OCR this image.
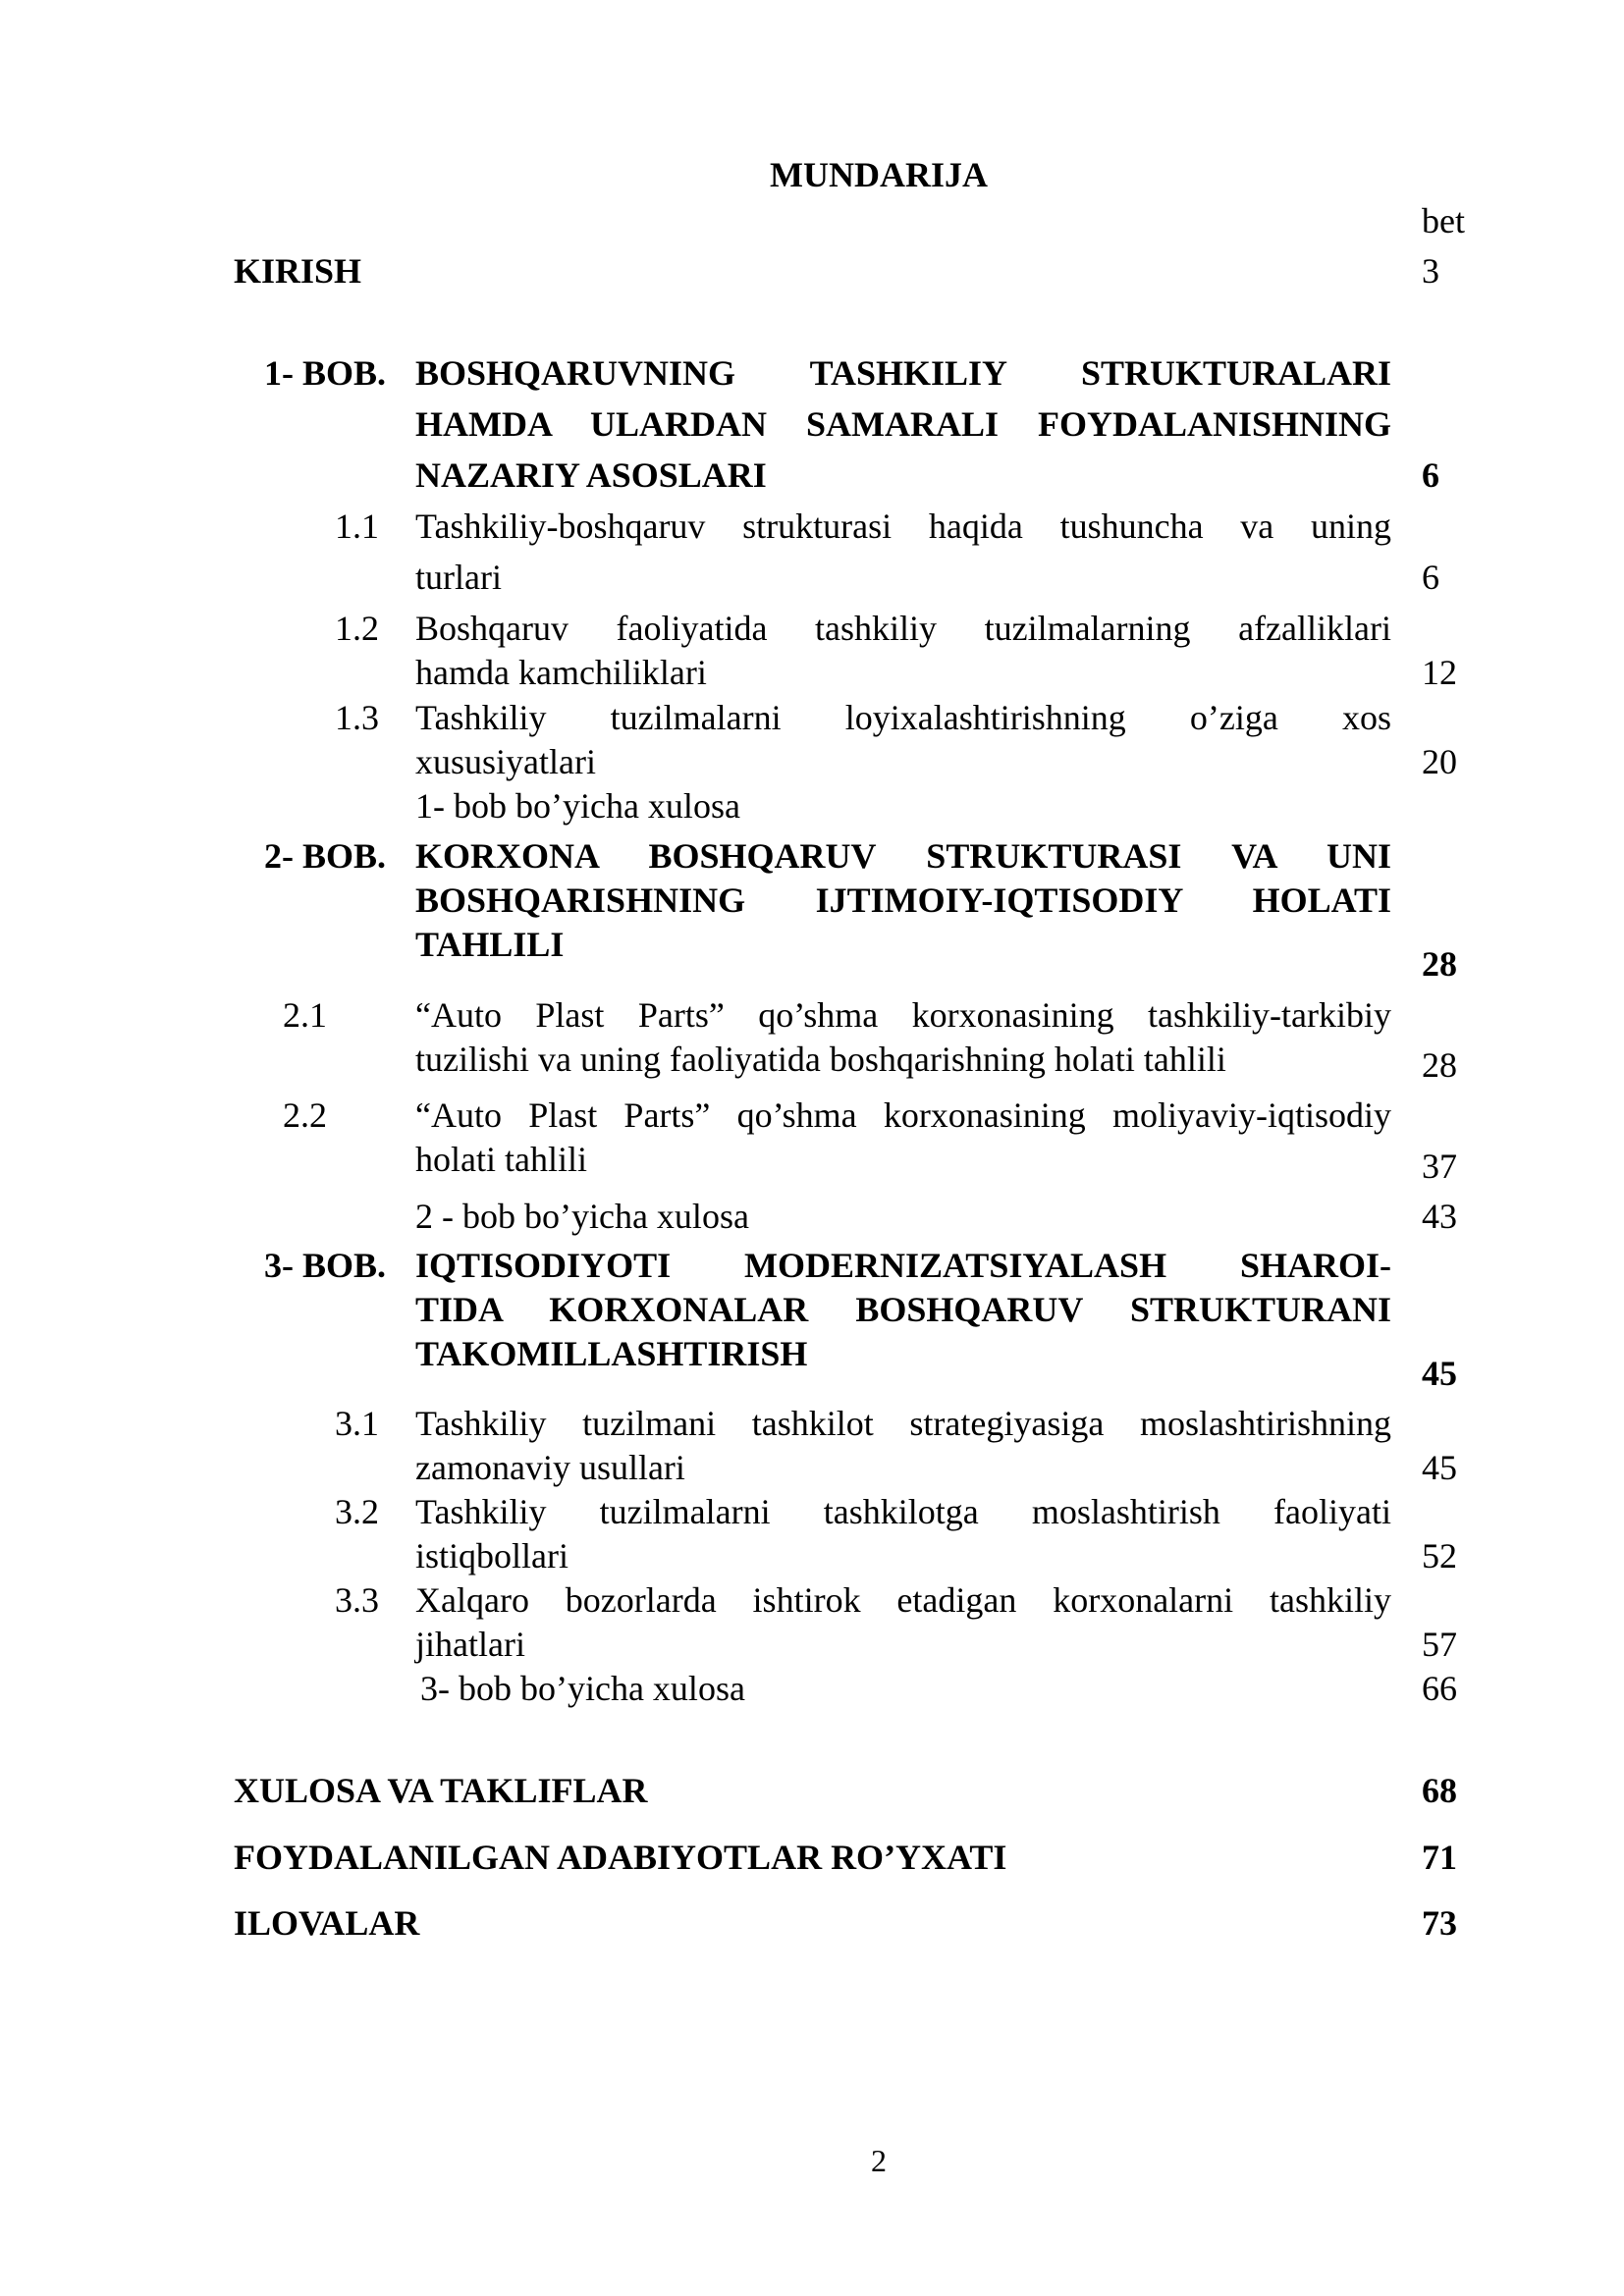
MUNDARIJA
bet
KIRISH	3
1- BOB. BOSHQARUVNING TASHKILIY STRUKTURALARI
HAMDA ULARDAN SAMARALI FOYDALANISHNING
NAZARIY ASOSLARI	6
1.1 Tashkiliy-boshqaruv strukturasi haqida tushuncha va uning
turlari	6
1.2 Boshqaruv faoliyatida tashkiliy tuzilmalarning afzalliklari
hamda kamchiliklari	12
1.3 Tashkiliy tuzilmalarni loyixalashtirishning o’ziga xos
xususiyatlari	20
1- bob bo’yicha xulosa
2- BOB. KORXONA BOSHQARUV STRUKTURASI VA UNI
BOSHQARISHNING IJTIMOIY-IQTISODIY HOLATI
TAHLILI	28
2.1	“Auto Plast Parts” qo’shma korxonasining tashkiliy-tarkibiy
tuzilishi va uning faoliyatida boshqarishning holati tahlili	28
2.2	“Auto Plast Parts” qo’shma korxonasining moliyaviy-iqtisodiy
holati tahlili	37
2 - bob bo’yicha xulosa	43
3- BOB. IQTISODIYOTI MODERNIZATSIYALASH SHAROI-
TIDA KORXONALAR BOSHQARUV STRUKTURANI
TAKOMILLASHTIRISH	45
3.1 Tashkiliy tuzilmani tashkilot strategiyasiga moslashtirishning
zamonaviy usullari	45
3.2 Tashkiliy tuzilmalarni tashkilotga moslashtirish faoliyati
istiqbollari	52
3.3 Xalqaro bozorlarda ishtirok etadigan korxonalarni tashkiliy
jihatlari	57
3- bob bo’yicha xulosa	66
XULOSA VA TAKLIFLAR	68
FOYDALANILGAN ADABIYOTLAR RO’YXATI	71
ILOVALAR	73
2
